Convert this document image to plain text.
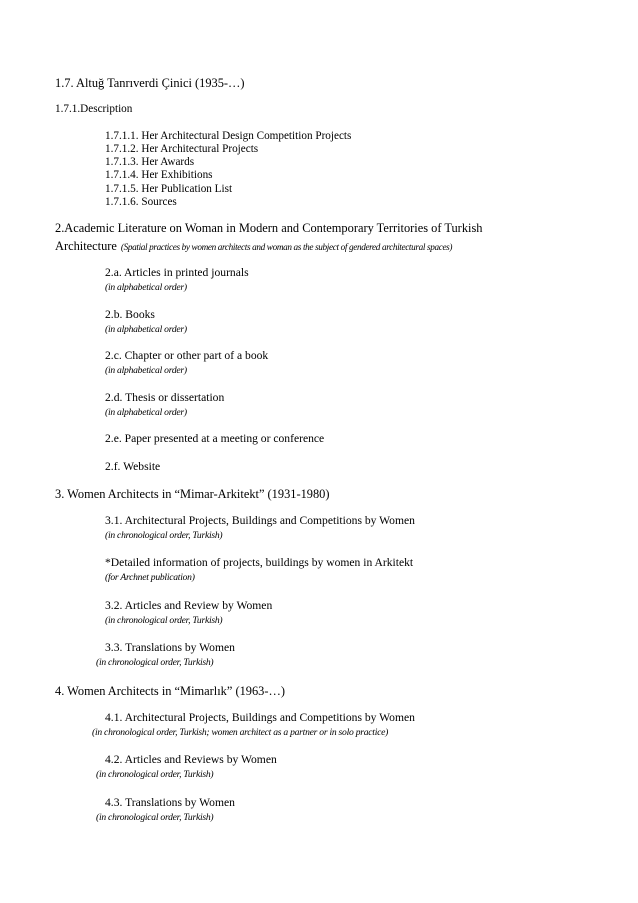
1.7. Altuğ Tanrıverdi Çinici (1935-…)
1.7.1.Description
1.7.1.1. Her Architectural Design Competition Projects
1.7.1.2. Her Architectural Projects
1.7.1.3. Her Awards
1.7.1.4. Her Exhibitions
1.7.1.5. Her Publication List
1.7.1.6. Sources
2.Academic Literature on Woman in Modern and Contemporary Territories of Turkish
Architecture (Spatial practices by women architects and woman as the subject of gendered architectural spaces)
2.a. Articles in printed journals
(in alphabetical order)
2.b. Books
(in alphabetical order)
2.c. Chapter or other part of a book
(in alphabetical order)
2.d. Thesis or dissertation
(in alphabetical order)
2.e. Paper presented at a meeting or conference
2.f. Website
3. Women Architects in “Mimar-Arkitekt” (1931-1980)
3.1. Architectural Projects, Buildings and Competitions by Women
(in chronological order, Turkish)
*Detailed information of projects, buildings by women in Arkitekt
(for Archnet publication)
3.2. Articles and Review by Women
(in chronological order, Turkish)
3.3. Translations by Women
(in chronological order, Turkish)
4. Women Architects in “Mimarlık” (1963-…)
4.1. Architectural Projects, Buildings and Competitions by Women
(in chronological order, Turkish; women architect as a partner or in solo practice)
4.2. Articles and Reviews by Women
(in chronological order, Turkish)
4.3. Translations by Women
(in chronological order, Turkish)
